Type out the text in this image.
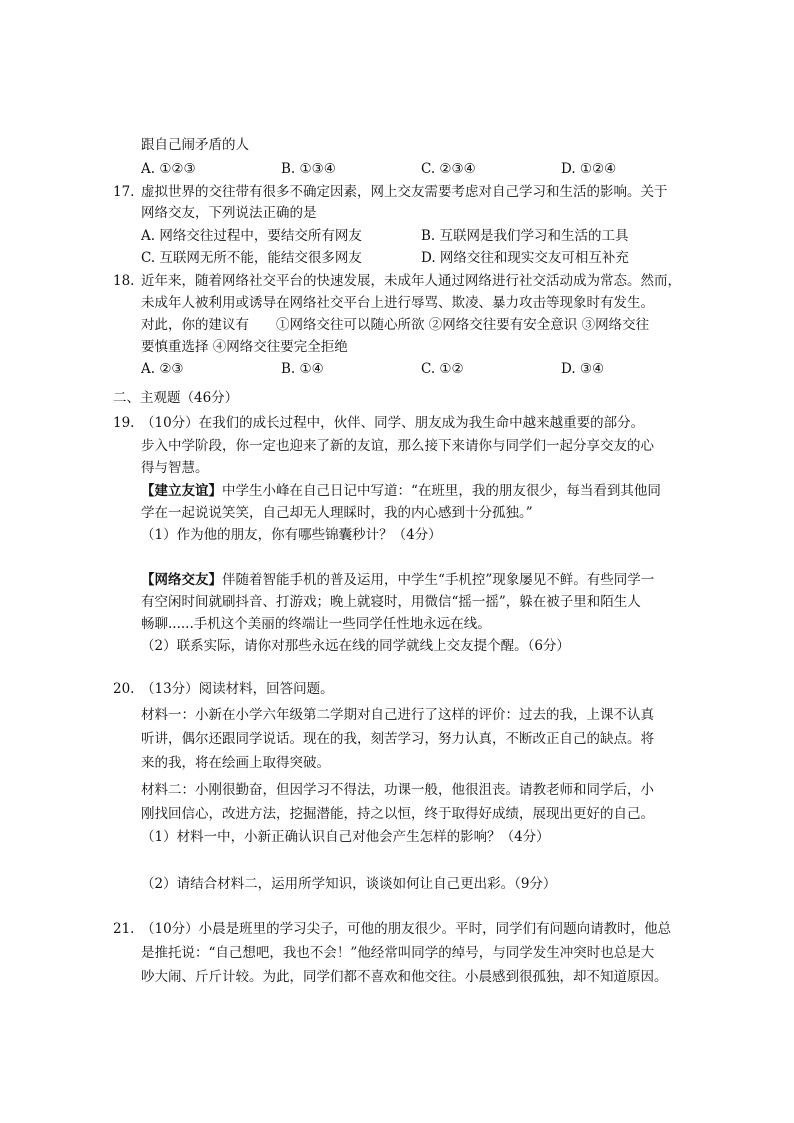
跟自己闹矛盾的人
A. ①②③	B. ①③④	C. ②③④	D. ①②④
17. 虚拟世界的交往带有很多不确定因素，网上交友需要考虑对自己学习和生活的影响。关于
网络交友，下列说法正确的是
A. 网络交往过程中，要结交所有网友	B. 互联网是我们学习和生活的工具
C. 互联网无所不能，能结交很多网友	D. 网络交往和现实交友可相互补充
18. 近年来，随着网络社交平台的快速发展，未成年人通过网络进行社交活动成为常态。然而，
未成年人被利用或诱导在网络社交平台上进行辱骂、欺凌、暴力攻击等现象时有发生。
对此，你的建议有　　①网络交往可以随心所欲 ②网络交往要有安全意识 ③网络交往
要慎重选择 ④网络交往要完全拒绝
A. ②③	B. ①④	C. ①②	D. ③④
二、主观题（46分）
19. （10分）在我们的成长过程中，伙伴、同学、朋友成为我生命中越来越重要的部分。
步入中学阶段，你一定也迎来了新的友谊，那么接下来请你与同学们一起分享交友的心
得与智慧。
【建立友谊】中学生小峰在自己日记中写道：“在班里，我的朋友很少，每当看到其他同
学在一起说说笑笑，自己却无人理睬时，我的内心感到十分孤独。”
（1）作为他的朋友，你有哪些锦囊秒计？（4分）
【网络交友】伴随着智能手机的普及运用，中学生“手机控”现象屡见不鲜。有些同学一
有空闲时间就刷抖音、打游戏；晚上就寝时，用微信“摇一摇”，躲在被子里和陌生人
畅聊......手机这个美丽的终端让一些同学任性地永远在线。
（2）联系实际，请你对那些永远在线的同学就线上交友提个醒。（6分）
20. （13分）阅读材料，回答问题。
材料一：小新在小学六年级第二学期对自己进行了这样的评价：过去的我，上课不认真
听讲，偶尔还跟同学说话。现在的我，刻苦学习，努力认真，不断改正自己的缺点。将
来的我，将在绘画上取得突破。
材料二：小刚很勤奋，但因学习不得法，功课一般，他很沮丧。请教老师和同学后，小
刚找回信心，改进方法，挖掘潜能，持之以恒，终于取得好成绩，展现出更好的自己。
（1）材料一中，小新正确认识自己对他会产生怎样的影响？（4分）
（2）请结合材料二，运用所学知识，谈谈如何让自己更出彩。（9分）
21. （10分）小晨是班里的学习尖子，可他的朋友很少。平时，同学们有问题向请教时，他总
是推托说：“自己想吧，我也不会！”他经常叫同学的绰号，与同学发生冲突时也总是大
吵大闹、斤斤计较。为此，同学们都不喜欢和他交往。小晨感到很孤独，却不知道原因。
